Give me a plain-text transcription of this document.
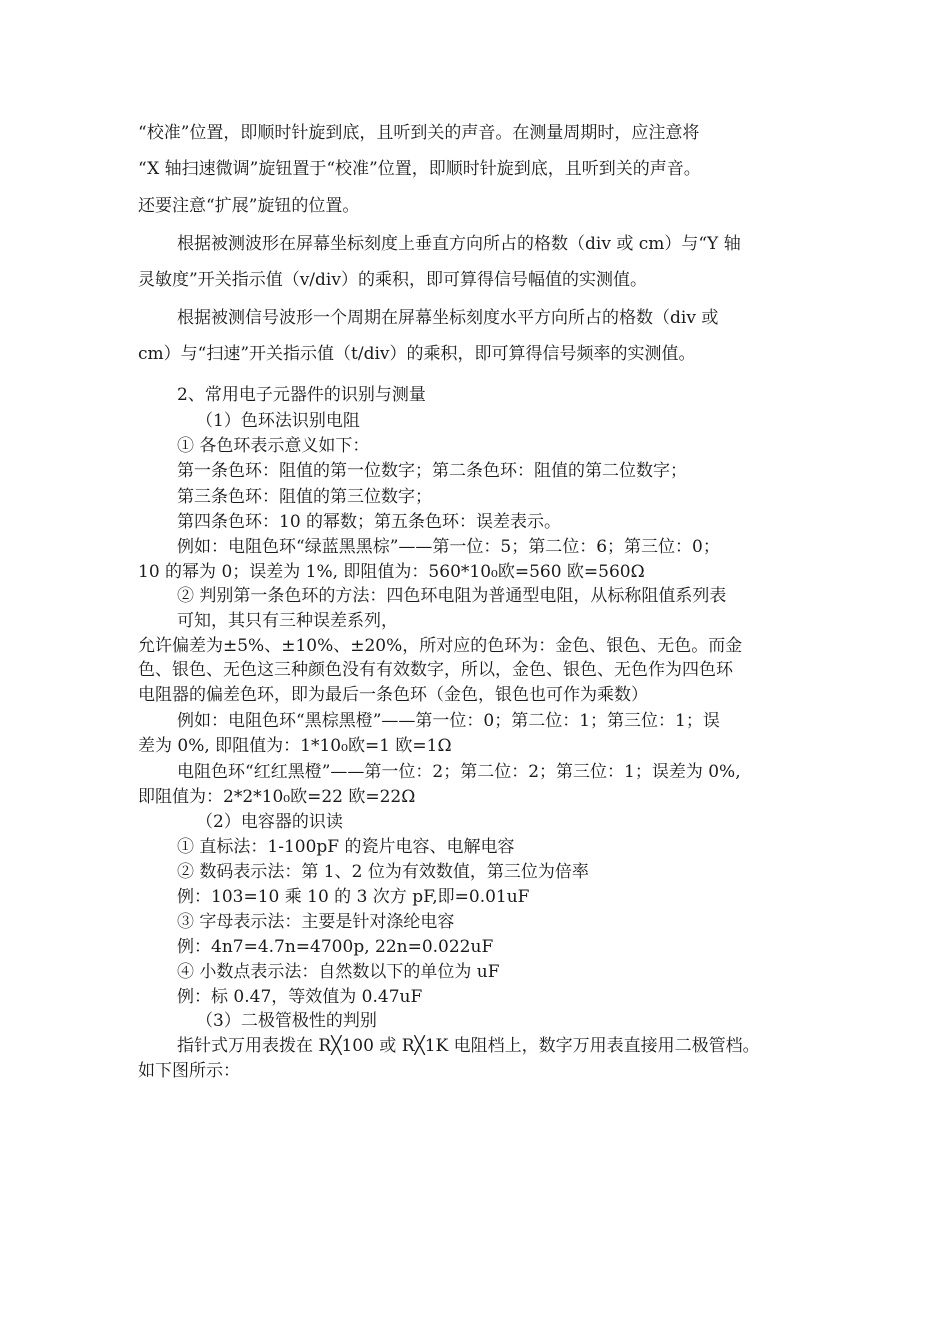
“校准”位置，即顺时针旋到底，且听到关的声音。在测量周期时，应注意将
“X 轴扫速微调”旋钮置于“校准”位置，即顺时针旋到底，且听到关的声音。
还要注意“扩展”旋钮的位置。
根据被测波形在屏幕坐标刻度上垂直方向所占的格数（div 或 cm）与“Y 轴
灵敏度”开关指示值（v/div）的乘积，即可算得信号幅值的实测值。
根据被测信号波形一个周期在屏幕坐标刻度水平方向所占的格数（div 或
cm）与“扫速”开关指示值（t/div）的乘积，即可算得信号频率的实测值。
2、常用电子元器件的识别与测量
（1）色环法识别电阻
① 各色环表示意义如下：
第一条色环：阻值的第一位数字；第二条色环：阻值的第二位数字；
第三条色环：阻值的第三位数字；
第四条色环：10 的幂数；第五条色环：误差表示。
例如：电阻色环“绿蓝黑黑棕”——第一位：5；第二位：6；第三位：0；
10 的幂为 0；误差为 1%, 即阻值为：560*10₀欧=560 欧=560Ω
② 判别第一条色环的方法：四色环电阻为普通型电阻，从标称阻值系列表
可知，其只有三种误差系列，
允许偏差为±5%、±10%、±20%，所对应的色环为：金色、银色、无色。而金
色、银色、无色这三种颜色没有有效数字，所以，金色、银色、无色作为四色环
电阻器的偏差色环，即为最后一条色环（金色，银色也可作为乘数）
例如：电阻色环“黑棕黑橙”——第一位：0；第二位：1；第三位：1；误
差为 0%, 即阻值为：1*10₀欧=1 欧=1Ω
电阻色环“红红黑橙”——第一位：2；第二位：2；第三位：1；误差为 0%,
即阻值为：2*2*10₀欧=22 欧=22Ω
（2）电容器的识读
① 直标法：1-100pF 的瓷片电容、电解电容
② 数码表示法：第 1、2 位为有效数值，第三位为倍率
例：103=10 乘 10 的 3 次方 pF,即=0.01uF
③ 字母表示法：主要是针对涤纶电容
例：4n7=4.7n=4700p, 22n=0.022uF
④ 小数点表示法：自然数以下的单位为 uF
例：标 0.47，等效值为 0.47uF
（3）二极管极性的判别
指针式万用表拨在 R╳100 或 R╳1K 电阻档上，数字万用表直接用二极管档。
如下图所示：
